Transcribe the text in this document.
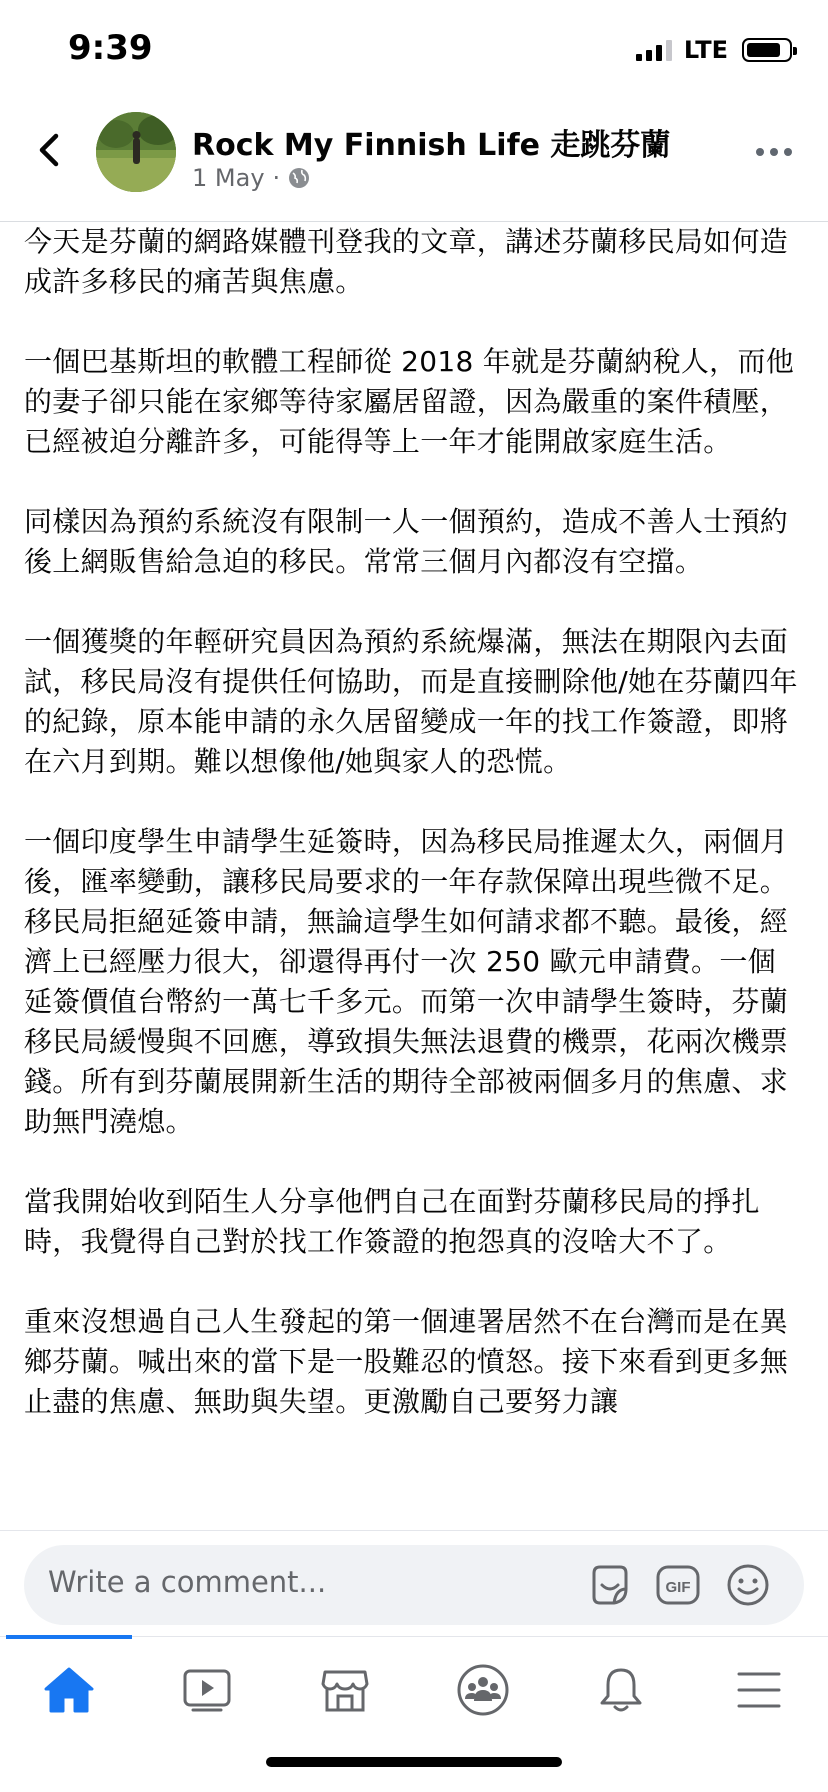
9:39	LTE
Rock My Finnish Life 走跳芬蘭
1 May ·

今天是芬蘭的網路媒體刊登我的文章，講述芬蘭移民局如何造成許多移民的痛苦與焦慮。

一個巴基斯坦的軟體工程師從 2018 年就是芬蘭納稅人，而他的妻子卻只能在家鄉等待家屬居留證，因為嚴重的案件積壓，已經被迫分離許多，可能得等上一年才能開啟家庭生活。

同樣因為預約系統沒有限制一人一個預約，造成不善人士預約後上網販售給急迫的移民。常常三個月內都沒有空擋。

一個獲獎的年輕研究員因為預約系統爆滿，無法在期限內去面試，移民局沒有提供任何協助，而是直接刪除他/她在芬蘭四年的紀錄，原本能申請的永久居留變成一年的找工作簽證，即將在六月到期。難以想像他/她與家人的恐慌。

一個印度學生申請學生延簽時，因為移民局推遲太久，兩個月後，匯率變動，讓移民局要求的一年存款保障出現些微不足。移民局拒絕延簽申請，無論這學生如何請求都不聽。最後，經濟上已經壓力很大，卻還得再付一次 250 歐元申請費。一個延簽價值台幣約一萬七千多元。而第一次申請學生簽時，芬蘭移民局緩慢與不回應，導致損失無法退費的機票，花兩次機票錢。所有到芬蘭展開新生活的期待全部被兩個多月的焦慮、求助無門澆熄。

當我開始收到陌生人分享他們自己在面對芬蘭移民局的掙扎時，我覺得自己對於找工作簽證的抱怨真的沒啥大不了。

重來沒想過自己人生發起的第一個連署居然不在台灣而是在異鄉芬蘭。喊出來的當下是一股難忍的憤怒。接下來看到更多無止盡的焦慮、無助與失望。更激勵自己要努力讓

Write a comment...	GIF
